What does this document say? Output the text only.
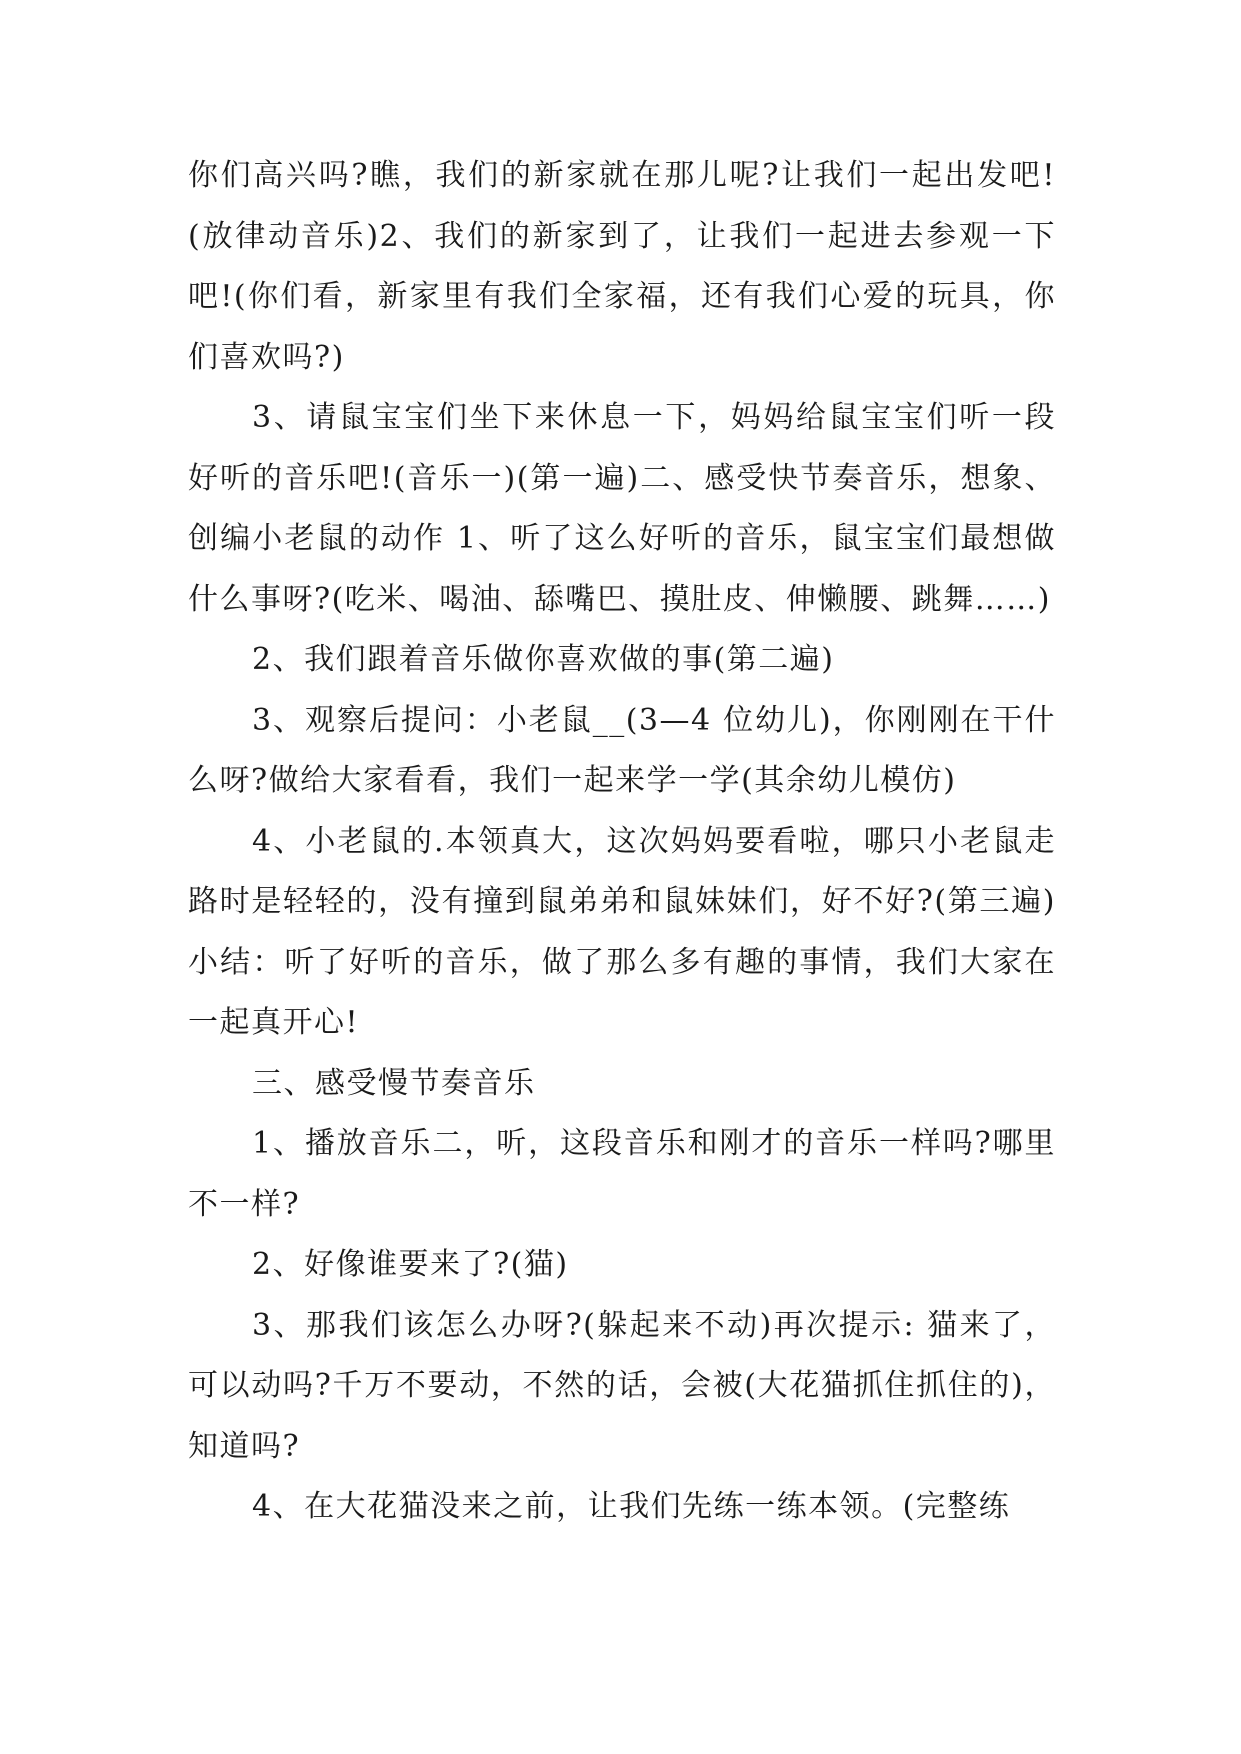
你们高兴吗?瞧，我们的新家就在那儿呢?让我们一起出发吧!(放律动音乐)2、我们的新家到了，让我们一起进去参观一下吧!(你们看，新家里有我们全家福，还有我们心爱的玩具，你们喜欢吗?)

3、请鼠宝宝们坐下来休息一下，妈妈给鼠宝宝们听一段好听的音乐吧!(音乐一)(第一遍)二、感受快节奏音乐，想象、创编小老鼠的动作 1、听了这么好听的音乐，鼠宝宝们最想做什么事呀?(吃米、喝油、舔嘴巴、摸肚皮、伸懒腰、跳舞……)

2、我们跟着音乐做你喜欢做的事(第二遍)

3、观察后提问：小老鼠__(3—4 位幼儿)，你刚刚在干什么呀?做给大家看看，我们一起来学一学(其余幼儿模仿)

4、小老鼠的.本领真大，这次妈妈要看啦，哪只小老鼠走路时是轻轻的，没有撞到鼠弟弟和鼠妹妹们，好不好?(第三遍)小结：听了好听的音乐，做了那么多有趣的事情，我们大家在一起真开心!

三、感受慢节奏音乐

1、播放音乐二，听，这段音乐和刚才的音乐一样吗?哪里不一样?

2、好像谁要来了?(猫)

3、那我们该怎么办呀?(躲起来不动)再次提示: 猫来了，可以动吗?千万不要动，不然的话，会被(大花猫抓住抓住的)，知道吗?

4、在大花猫没来之前，让我们先练一练本领。(完整练
